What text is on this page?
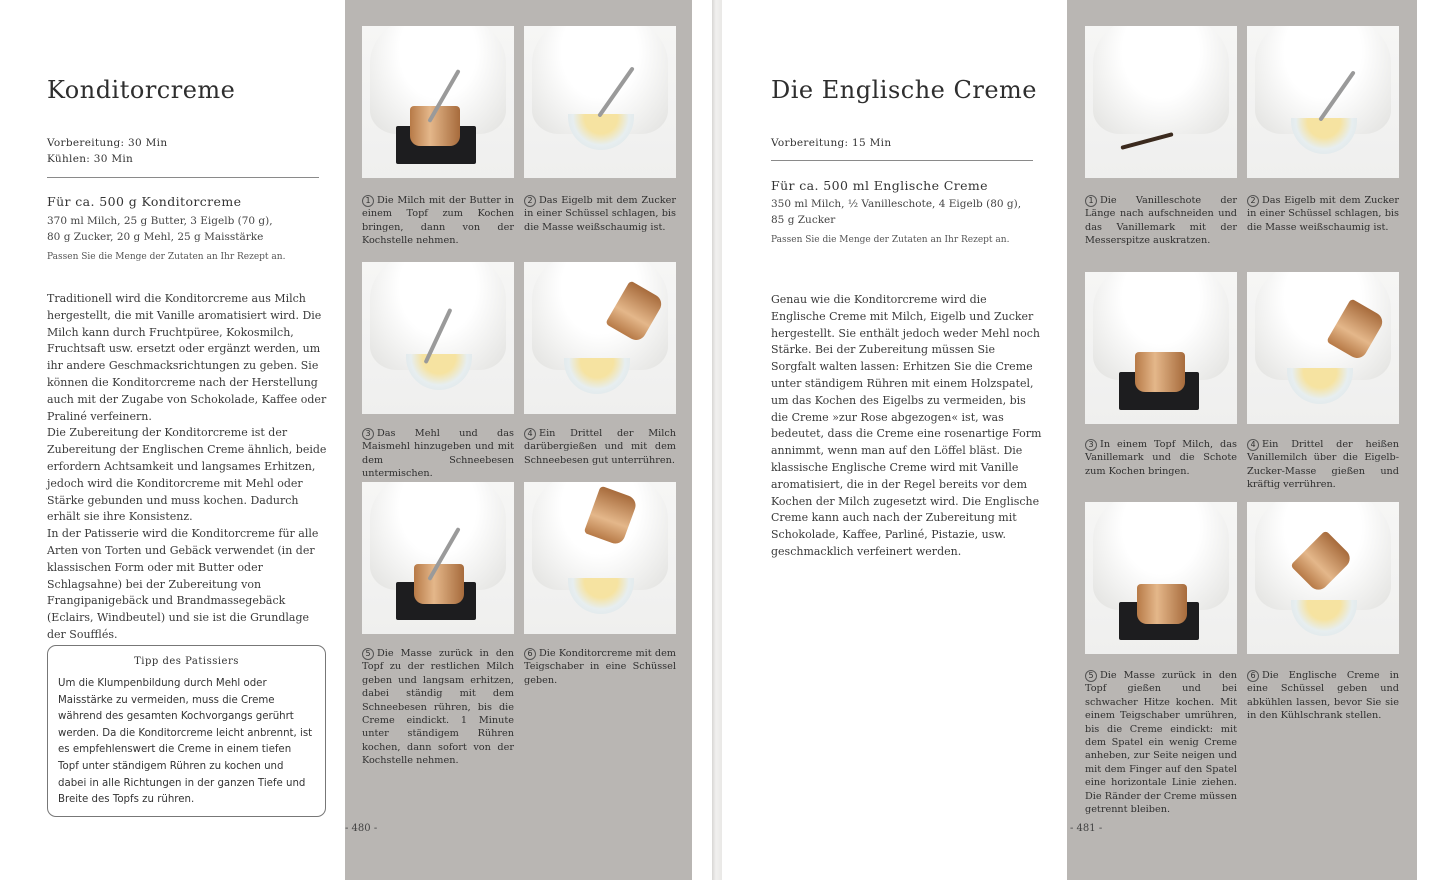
Konditorcreme
Vorbereitung: 30 Min
Kühlen: 30 Min
Für ca. 500 g Konditorcreme
370 ml Milch, 25 g Butter, 3 Eigelb (70 g),
80 g Zucker, 20 g Mehl, 25 g Maisstärke
Passen Sie die Menge der Zutaten an Ihr Rezept an.

Traditionell wird die Konditorcreme aus Milch hergestellt, die mit Vanille aromatisiert wird. Die Milch kann durch Fruchtpüree, Kokosmilch, Fruchtsaft usw. ersetzt oder ergänzt werden, um ihr andere Geschmacksrichtungen zu geben. Sie können die Konditorcreme nach der Herstellung auch mit der Zugabe von Schokolade, Kaffee oder Praliné verfeinern.

Die Zubereitung der Konditorcreme ist der Zubereitung der Englischen Creme ähnlich, beide erfordern Achtsamkeit und langsames Erhitzen, jedoch wird die Konditorcreme mit Mehl oder Stärke gebunden und muss kochen. Dadurch erhält sie ihre Konsistenz.

In der Patisserie wird die Konditorcreme für alle Arten von Torten und Gebäck verwendet (in der klassischen Form oder mit Butter oder Schlagsahne) bei der Zubereitung von Frangipanigebäck und Brandmassegebäck (Eclairs, Windbeutel) und sie ist die Grundlage der Soufflés.

Tipp des Patissiers
Um die Klumpenbildung durch Mehl oder Maisstärke zu vermeiden, muss die Creme während des gesamten Kochvorgangs gerührt werden. Da die Konditorcreme leicht anbrennt, ist es empfehlenswert die Creme in einem tiefen Topf unter ständigem Rühren zu kochen und dabei in alle Richtungen in der ganzen Tiefe und Breite des Topfs zu rühren.
1 Die Milch mit der Butter in einem Topf zum Kochen bringen, dann von der Kochstelle nehmen.
2 Das Eigelb mit dem Zucker in einer Schüssel schlagen, bis die Masse weißschaumig ist.
3 Das Mehl und das Maismehl hinzugeben und mit dem Schneebesen untermischen.
4 Ein Drittel der Milch darübergießen und mit dem Schneebesen gut unterrühren.
5 Die Masse zurück in den Topf zu der restlichen Milch geben und langsam erhitzen, dabei ständig mit dem Schneebesen rühren, bis die Creme eindickt. 1 Minute unter ständigem Rühren kochen, dann sofort von der Kochstelle nehmen.
6 Die Konditorcreme mit dem Teigschaber in eine Schüssel geben.
- 480 -
Die Englische Creme
Vorbereitung: 15 Min
Für ca. 500 ml Englische Creme
350 ml Milch, ½ Vanilleschote, 4 Eigelb (80 g),
85 g Zucker
Passen Sie die Menge der Zutaten an Ihr Rezept an.

Genau wie die Konditorcreme wird die Englische Creme mit Milch, Eigelb und Zucker hergestellt. Sie enthält jedoch weder Mehl noch Stärke. Bei der Zubereitung müssen Sie Sorgfalt walten lassen: Erhitzen Sie die Creme unter ständigem Rühren mit einem Holzspatel, um das Kochen des Eigelbs zu vermeiden, bis die Creme »zur Rose abgezogen« ist, was bedeutet, dass die Creme eine rosenartige Form annimmt, wenn man auf den Löffel bläst. Die klassische Englische Creme wird mit Vanille aromatisiert, die in der Regel bereits vor dem Kochen der Milch zugesetzt wird. Die Englische Creme kann auch nach der Zubereitung mit Schokolade, Kaffee, Parliné, Pistazie, usw. geschmacklich verfeinert werden.

1 Die Vanilleschote der Länge nach aufschneiden und das Vanillemark mit der Messerspitze auskratzen.
2 Das Eigelb mit dem Zucker in einer Schüssel schlagen, bis die Masse weißschaumig ist.
3 In einem Topf Milch, das Vanillemark und die Schote zum Kochen bringen.
4 Ein Drittel der heißen Vanillemilch über die Eigelb-Zucker-Masse gießen und kräftig verrühren.
5 Die Masse zurück in den Topf gießen und bei schwacher Hitze kochen. Mit einem Teigschaber umrühren, bis die Creme eindickt: mit dem Spatel ein wenig Creme anheben, zur Seite neigen und mit dem Finger auf den Spatel eine horizontale Linie ziehen. Die Ränder der Creme müssen getrennt bleiben.
6 Die Englische Creme in eine Schüssel geben und abkühlen lassen, bevor Sie sie in den Kühlschrank stellen.
- 481 -
